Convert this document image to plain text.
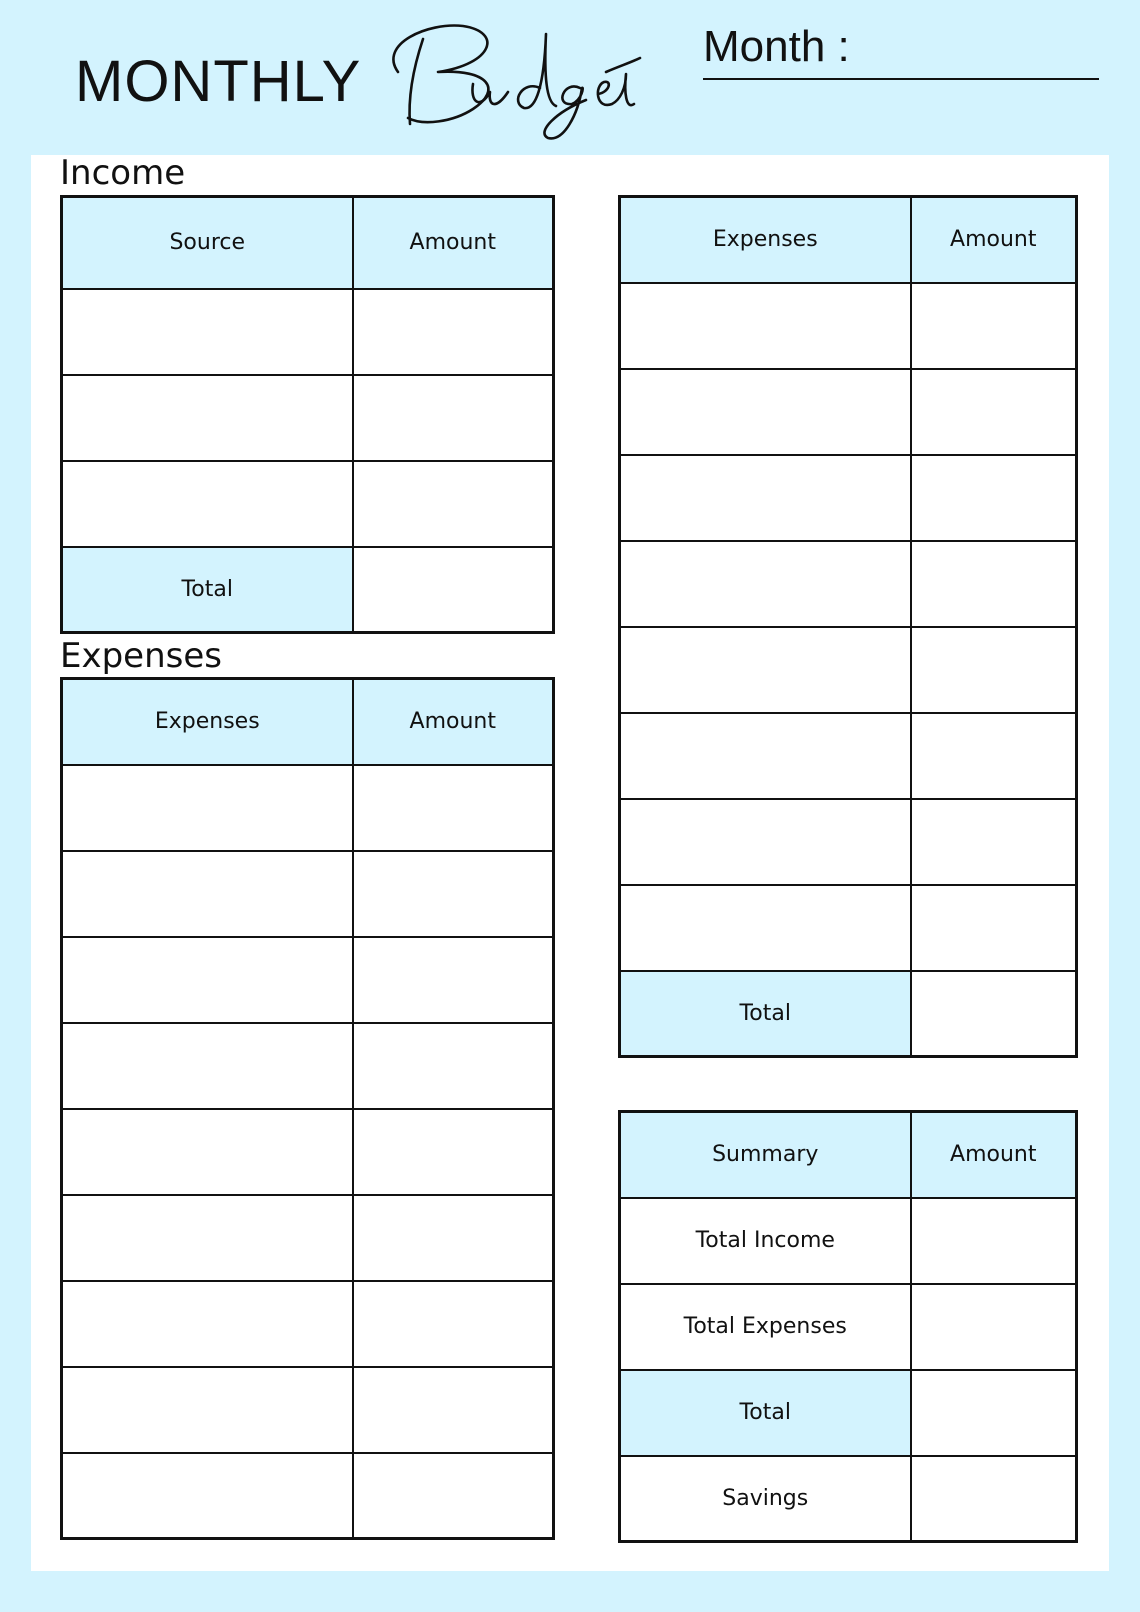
MONTHLY
Month :
Income
Source	Amount

Total	
Expenses
Expenses	Amount

Expenses	Amount

Total	
Summary	Amount
Total Income	
Total Expenses	
Total	
Savings	
